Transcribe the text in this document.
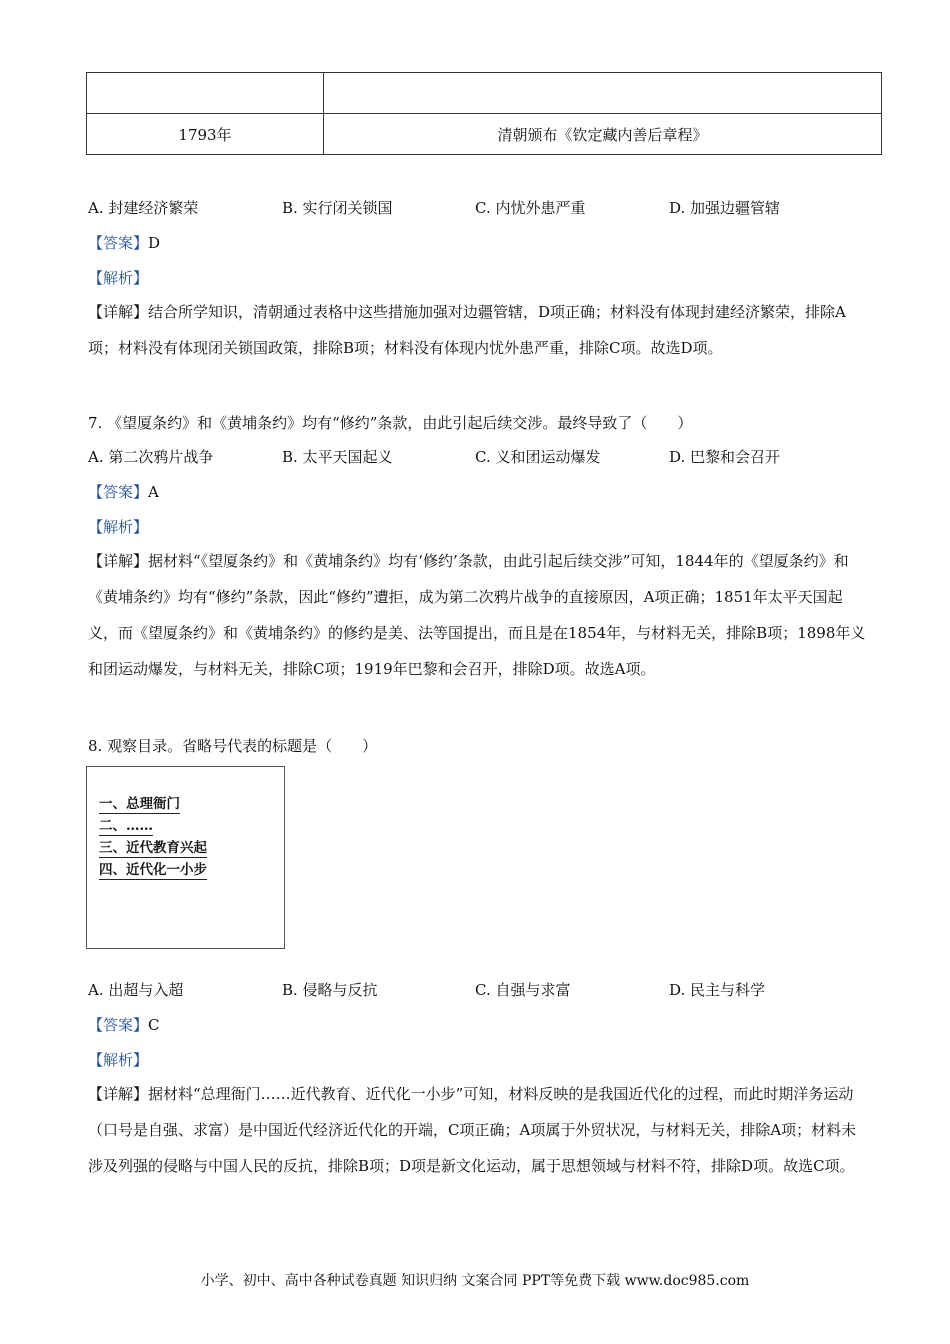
1793年	清朝颁布《钦定藏内善后章程》
A. 封建经济繁荣	B. 实行闭关锁国	C. 内忧外患严重	D. 加强边疆管辖
【答案】D
【解析】
【详解】结合所学知识，清朝通过表格中这些措施加强对边疆管辖，D项正确；材料没有体现封建经济繁荣，排除A项；材料没有体现闭关锁国政策，排除B项；材料没有体现内忧外患严重，排除C项。故选D项。
7. 《望厦条约》和《黄埔条约》均有“修约”条款，由此引起后续交涉。最终导致了（　　）
A. 第二次鸦片战争	B. 太平天国起义	C. 义和团运动爆发	D. 巴黎和会召开
【答案】A
【解析】
【详解】据材料“《望厦条约》和《黄埔条约》均有‘修约’条款，由此引起后续交涉”可知，1844年的《望厦条约》和《黄埔条约》均有“修约”条款，因此“修约”遭拒，成为第二次鸦片战争的直接原因，A项正确；1851年太平天国起义，而《望厦条约》和《黄埔条约》的修约是美、法等国提出，而且是在1854年，与材料无关，排除B项；1898年义和团运动爆发，与材料无关，排除C项；1919年巴黎和会召开，排除D项。故选A项。
8. 观察目录。省略号代表的标题是（　　）
一、总理衙门
二、……
三、近代教育兴起
四、近代化一小步
A. 出超与入超	B. 侵略与反抗	C. 自强与求富	D. 民主与科学
【答案】C
【解析】
【详解】据材料“总理衙门……近代教育、近代化一小步”可知，材料反映的是我国近代化的过程，而此时期洋务运动（口号是自强、求富）是中国近代经济近代化的开端，C项正确；A项属于外贸状况，与材料无关，排除A项；材料未涉及列强的侵略与中国人民的反抗，排除B项；D项是新文化运动，属于思想领域与材料不符，排除D项。故选C项。
小学、初中、高中各种试卷真题 知识归纳 文案合同 PPT等免费下载 www.doc985.com
